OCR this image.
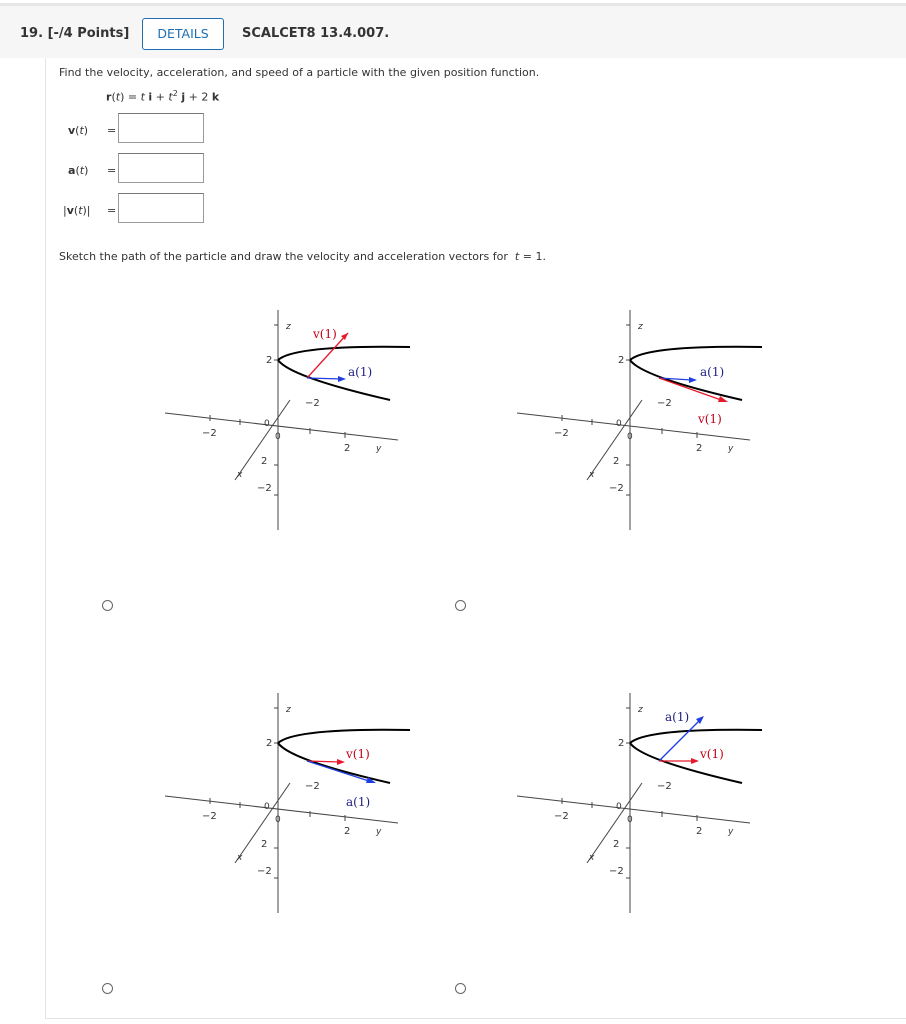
19. [-/4 Points]	DETAILS	SCALCET8 13.4.007.
Find the velocity, acceleration, and speed of a particle with the given position function.
r(t) = t $i + t^2$ j + 2 k
v(t) =
a(t) =
|v(t)| =
Sketch the path of the particle and draw the velocity and acceleration vectors for  t = 1.
z
x
y
2
−2
2
−2
2
−2
0
0
v(1)
a(1)
z
x
y
2
−2
2
−2
2
−2
0
0
a(1)
v(1)
z
x
y
2
−2
2
−2
2
−2
0
0
v(1)
a(1)
z
x
y
2
−2
2
−2
2
−2
0
0
a(1)
v(1)
